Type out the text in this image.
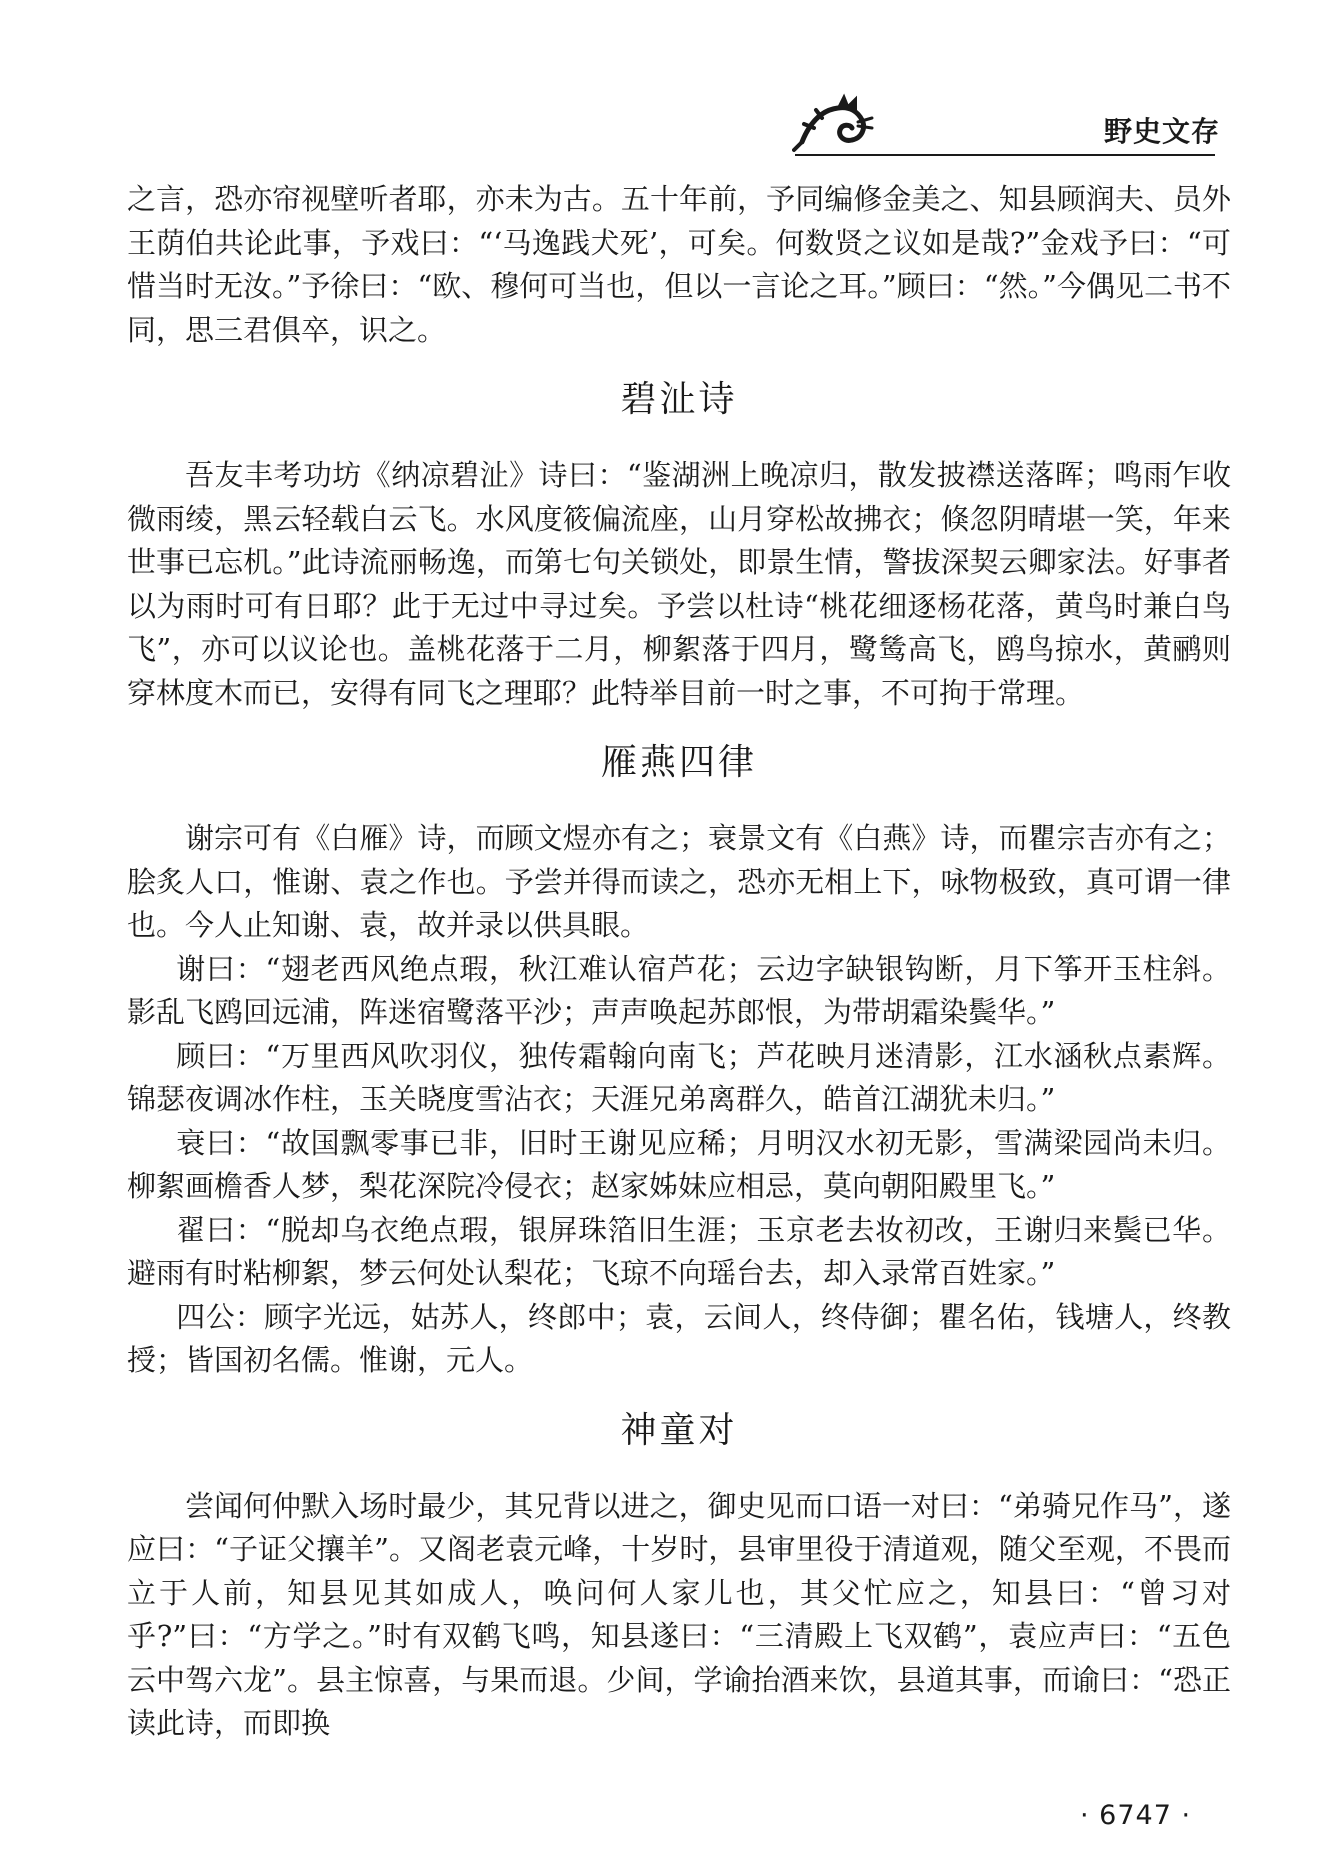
野史文存

之言，恐亦帘视壁听者耶，亦未为古。五十年前，予同编修金美之、知县顾润夫、员外王荫伯共论此事，予戏曰：“‘马逸践犬死’，可矣。何数贤之议如是哉?”金戏予曰：“可惜当时无汝。”予徐曰：“欧、穆何可当也，但以一言论之耳。”顾曰：“然。”今偶见二书不同，思三君俱卒，识之。

碧沚诗

吾友丰考功坊《纳凉碧沚》诗曰：“鉴湖洲上晚凉归，散发披襟送落晖；鸣雨乍收微雨绫，黑云轻载白云飞。水风度筱偏流座，山月穿松故拂衣；倏忽阴晴堪一笑，年来世事已忘机。”此诗流丽畅逸，而第七句关锁处，即景生情，警拔深契云卿家法。好事者以为雨时可有日耶？此于无过中寻过矣。予尝以杜诗“桃花细逐杨花落，黄鸟时兼白鸟飞”，亦可以议论也。盖桃花落于二月，柳絮落于四月，鹭鸶高飞，鸥鸟掠水，黄鹂则穿林度木而已，安得有同飞之理耶？此特举目前一时之事，不可拘于常理。

雁燕四律

谢宗可有《白雁》诗，而顾文煜亦有之；衰景文有《白燕》诗，而瞿宗吉亦有之；脍炙人口，惟谢、袁之作也。予尝并得而读之，恐亦无相上下，咏物极致，真可谓一律也。今人止知谢、袁，故并录以供具眼。

谢曰：“翅老西风绝点瑕，秋江难认宿芦花；云边字缺银钩断，月下筝开玉柱斜。影乱飞鸥回远浦，阵迷宿鹭落平沙；声声唤起苏郎恨，为带胡霜染鬓华。”

顾曰：“万里西风吹羽仪，独传霜翰向南飞；芦花映月迷清影，江水涵秋点素辉。锦瑟夜调冰作柱，玉关晓度雪沾衣；天涯兄弟离群久，皓首江湖犹未归。”

衰曰：“故国飘零事已非，旧时王谢见应稀；月明汉水初无影，雪满梁园尚未归。柳絮画檐香人梦，梨花深院冷侵衣；赵家姊妹应相忌，莫向朝阳殿里飞。”

翟曰：“脱却乌衣绝点瑕，银屏珠箔旧生涯；玉京老去妆初改，王谢归来鬓已华。避雨有时粘柳絮，梦云何处认梨花；飞琼不向瑶台去，却入录常百姓家。”

四公：顾字光远，姑苏人，终郎中；袁，云间人，终侍御；瞿名佑，钱塘人，终教授；皆国初名儒。惟谢，元人。

神童对

尝闻何仲默入场时最少，其兄背以进之，御史见而口语一对曰：“弟骑兄作马”，遂应曰：“子证父攘羊”。又阁老袁元峰，十岁时，县审里役于清道观，随父至观，不畏而立于人前，知县见其如成人，唤问何人家儿也，其父忙应之，知县曰：“曾习对乎?”曰：“方学之。”时有双鹤飞鸣，知县遂曰：“三清殿上飞双鹤”，袁应声曰：“五色云中驾六龙”。县主惊喜，与果而退。少间，学谕抬酒来饮，县道其事，而谕曰：“恐正读此诗，而即换

· 6747 ·
